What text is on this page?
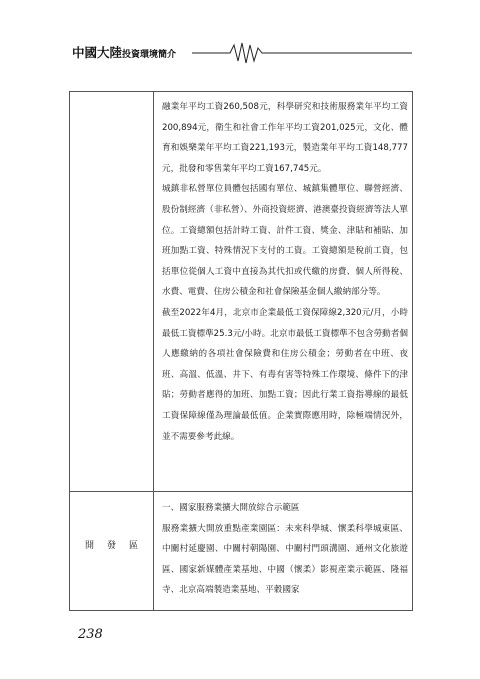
中國大陸投資環境簡介

融業年平均工資260,508元，科學研究和技術服務業年平均工資200,894元，衛生和社會工作年平均工資201,025元，文化、體育和娛樂業年平均工資221,193元，製造業年平均工資148,777元，批發和零售業年平均工資167,745元。

城鎮非私營單位員體包括國有單位、城鎮集體單位、聯營經濟、股份制經濟（非私營）、外商投資經濟、港澳臺投資經濟等法人單位。工資總額包括計時工資、計件工資、獎金、津貼和補貼、加班加點工資、特殊情況下支付的工資。工資總額是稅前工資，包括單位從個人工資中直接為其代扣或代繳的房費、個人所得稅、水費、電費、住房公積金和社會保險基金個人繳納部分等。

截至2022年4月，北京市企業最低工資保障線2,320元/月，小時最低工資標準25.3元/小時。北京市最低工資標準不包含勞動者個人應繳納的各項社會保險費和住房公積金；勞動者在中班、夜班、高溫、低溫、井下、有毒有害等特殊工作環境、條件下的津貼；勞動者應得的加班、加點工資；因此行業工資指導線的最低工資保障線僅為理論最低值。企業實際應用時，除極端情況外，並不需要參考此線。

開發區

一、國家服務業擴大開放綜合示範區

服務業擴大開放重點產業園區：未來科學城、懷柔科學城東區、中關村延慶園、中關村朝陽園、中關村門頭溝園、通州文化旅遊區、國家新媒體產業基地、中國（懷柔）影視產業示範區、隆福寺、北京高端製造業基地、平穀國家

238
